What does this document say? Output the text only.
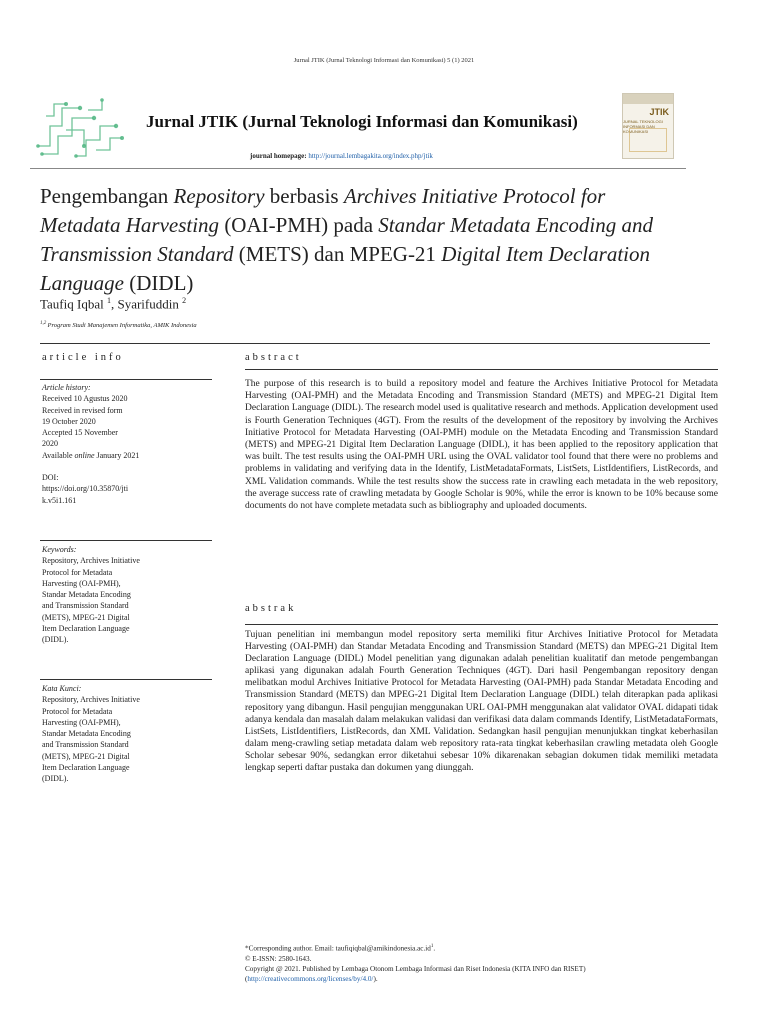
Jurnal JTIK (Jurnal Teknologi Informasi dan Komunikasi) 5 (1) 2021
Jurnal JTIK (Jurnal Teknologi Informasi dan Komunikasi)
journal homepage: http://journal.lembagakita.org/index.php/jtik
JTIK
JURNAL TEKNOLOGI INFORMASI DAN KOMUNIKASI
Pengembangan Repository berbasis Archives Initiative Protocol for Metadata Harvesting (OAI-PMH) pada Standar Metadata Encoding and Transmission Standard (METS) dan MPEG-21 Digital Item Declaration Language (DIDL)
Taufiq Iqbal $^1$, Syarifuddin $^2$
$^{1,2}$ Program Studi Manajemen Informatika, AMIK Indonesia
article info	abstract
Article history:
Received 10 Agustus 2020
Received in revised form
19 October 2020
Accepted 15 November
2020
Available online January 2021
DOI:
https://doi.org/10.35870/jti
k.v5i1.161
Keywords:
Repository, Archives Initiative
Protocol for Metadata
Harvesting (OAI-PMH),
Standar Metadata Encoding
and Transmission Standard
(METS), MPEG-21 Digital
Item Declaration Language
(DIDL).
Kata Kunci:
Repository, Archives Initiative
Protocol for Metadata
Harvesting (OAI-PMH),
Standar Metadata Encoding
and Transmission Standard
(METS), MPEG-21 Digital
Item Declaration Language
(DIDL).
The purpose of this research is to build a repository model and feature the Archives Initiative Protocol for Metadata Harvesting (OAI-PMH) and the Metadata Encoding and Transmission Standard (METS) and MPEG-21 Digital Item Declaration Language (DIDL). The research model used is qualitative research and methods. Application development used is Fourth Generation Techniques (4GT). From the results of the development of the repository by involving the Archives Initiative Protocol for Metadata Harvesting (OAI-PMH) module on the Metadata Encoding and Transmission Standard (METS) and MPEG-21 Digital Item Declaration Language (DIDL), it has been applied to the repository application that was built. The test results using the OAI-PMH URL using the OVAL validator tool found that there were no problems and problems in validating and verifying data in the Identify, ListMetadataFormats, ListSets, ListIdentifiers, ListRecords, and XML Validation commands. While the test results show the success rate in crawling each metadata in the web repository, the average success rate of crawling metadata by Google Scholar is 90%, while the error is known to be 10% because some documents do not have complete metadata such as bibliography and uploaded documents.
abstrak
Tujuan penelitian ini membangun model repository serta memiliki fitur Archives Initiative Protocol for Metadata Harvesting (OAI-PMH) dan Standar Metadata Encoding and Transmission Standard (METS) dan MPEG-21 Digital Item Declaration Language (DIDL) Model penelitian yang digunakan adalah penelitian kualitatif dan metode pengembangan aplikasi yang digunakan adalah Fourth Generation Techniques (4GT). Dari hasil Pengembangan repository dengan melibatkan modul Archives Initiative Protocol for Metadata Harvesting (OAI-PMH) pada Standar Metadata Encoding and Transmission Standard (METS) dan MPEG-21 Digital Item Declaration Language (DIDL) telah diterapkan pada aplikasi repository yang dibangun. Hasil pengujian menggunakan URL OAI-PMH menggunakan alat validator OVAL didapati tidak adanya kendala dan masalah dalam melakukan validasi dan verifikasi data dalam commands Identify, ListMetadataFormats, ListSets, ListIdentifiers, ListRecords, dan XML Validation. Sedangkan hasil pengujian menunjukkan tingkat keberhasilan dalam meng-crawling setiap metadata dalam web repository rata-rata tingkat keberhasilan crawling metadata oleh Google Scholar sebesar 90%, sedangkan error diketahui sebesar 10% dikarenakan sebagian dokumen tidak memiliki metadata lengkap seperti daftar pustaka dan dokumen yang diunggah.
*Corresponding author. Email: $taufiqiqbal@amikindonesia.ac.id^1$.
© E-ISSN: 2580-1643.
Copyright @ 2021. Published by Lembaga Otonom Lembaga Informasi dan Riset Indonesia (KITA INFO dan RISET)
(http://creativecommons.org/licenses/by/4.0/).
